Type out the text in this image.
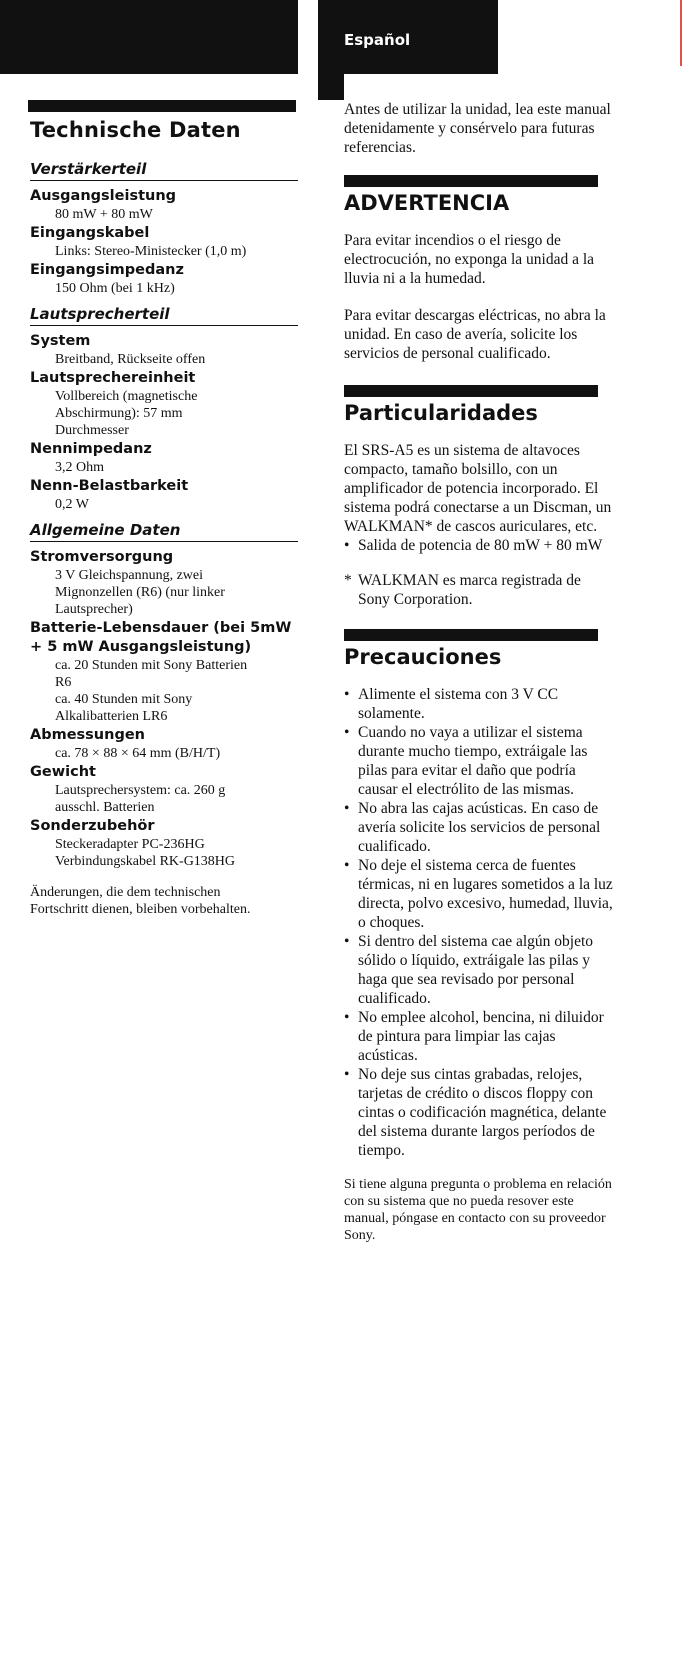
Español
Technische Daten
Verstärkerteil
Ausgangsleistung
80 mW + 80 mW
Eingangskabel
Links: Stereo-Ministecker (1,0 m)
Eingangsimpedanz
150 Ohm (bei 1 kHz)
Lautsprecherteil
System
Breitband, Rückseite offen
Lautsprechereinheit
Vollbereich (magnetische
Abschirmung): 57 mm
Durchmesser
Nennimpedanz
3,2 Ohm
Nenn-Belastbarkeit
0,2 W
Allgemeine Daten
Stromversorgung
3 V Gleichspannung, zwei
Mignonzellen (R6) (nur linker
Lautsprecher)
Batterie-Lebensdauer (bei 5mW + 5 mW Ausgangsleistung)
ca. 20 Stunden mit Sony Batterien
R6
ca. 40 Stunden mit Sony
Alkalibatterien LR6
Abmessungen
ca. 78 × 88 × 64 mm (B/H/T)
Gewicht
Lautsprechersystem: ca. 260 g
ausschl. Batterien
Sonderzubehör
Steckeradapter PC-236HG
Verbindungskabel RK-G138HG
Änderungen, die dem technischen Fortschritt dienen, bleiben vorbehalten.

Antes de utilizar la unidad, lea este manual detenidamente y consérvelo para futuras referencias.

ADVERTENCIA

Para evitar incendios o el riesgo de electrocución, no exponga la unidad a la lluvia ni a la humedad.

Para evitar descargas eléctricas, no abra la unidad. En caso de avería, solicite los servicios de personal cualificado.

Particularidades

El SRS-A5 es un sistema de altavoces compacto, tamaño bolsillo, con un amplificador de potencia incorporado. El sistema podrá conectarse a un Discman, un WALKMAN* de cascos auriculares, etc.

• Salida de potencia de 80 mW + 80 mW
* WALKMAN es marca registrada de Sony Corporation.
Precauciones
• Alimente el sistema con 3 V CC solamente.
• Cuando no vaya a utilizar el sistema durante mucho tiempo, extráigale las pilas para evitar el daño que podría causar el electrólito de las mismas.
• No abra las cajas acústicas. En caso de avería solicite los servicios de personal cualificado.
• No deje el sistema cerca de fuentes térmicas, ni en lugares sometidos a la luz directa, polvo excesivo, humedad, lluvia, o choques.
• Si dentro del sistema cae algún objeto sólido o líquido, extráigale las pilas y haga que sea revisado por personal cualificado.
• No emplee alcohol, bencina, ni diluidor de pintura para limpiar las cajas acústicas.
• No deje sus cintas grabadas, relojes, tarjetas de crédito o discos floppy con cintas o codificación magnética, delante del sistema durante largos períodos de tiempo.
Si tiene alguna pregunta o problema en relación con su sistema que no pueda resover este manual, póngase en contacto con su proveedor Sony.
